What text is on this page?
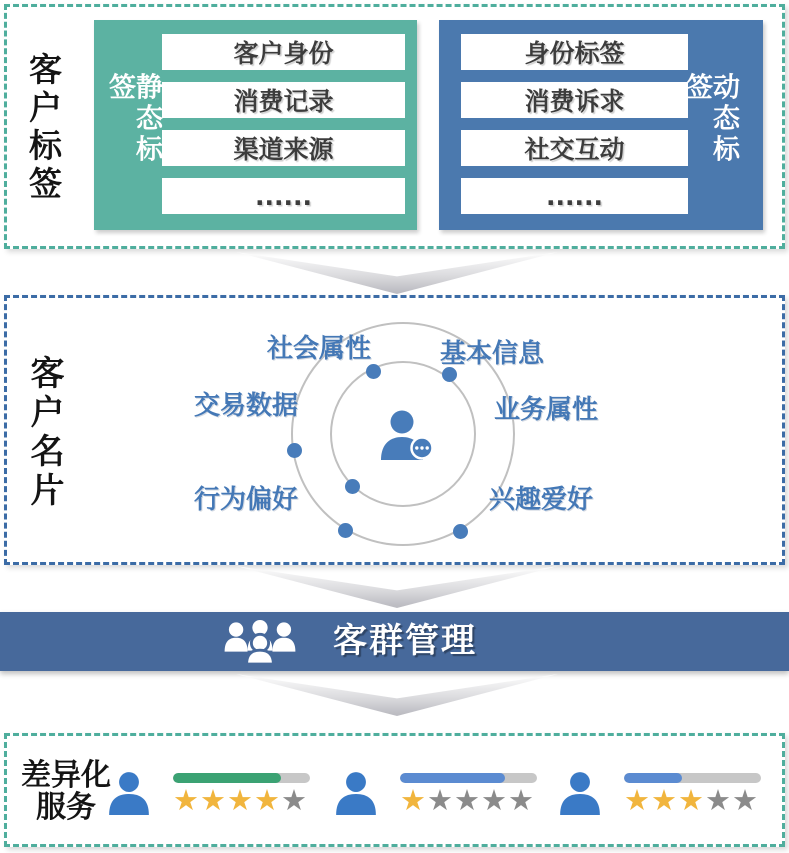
客户标签	静态标签
客户身份
消费记录
渠道来源
......
身份标签
消费诉求
社交互动
......
动态标签
客户名片
社会属性	基本信息
交易数据	业务属性
行为偏好	兴趣爱好
客群管理
差异化服务	★★★★★	★★★★★	★★★★★
